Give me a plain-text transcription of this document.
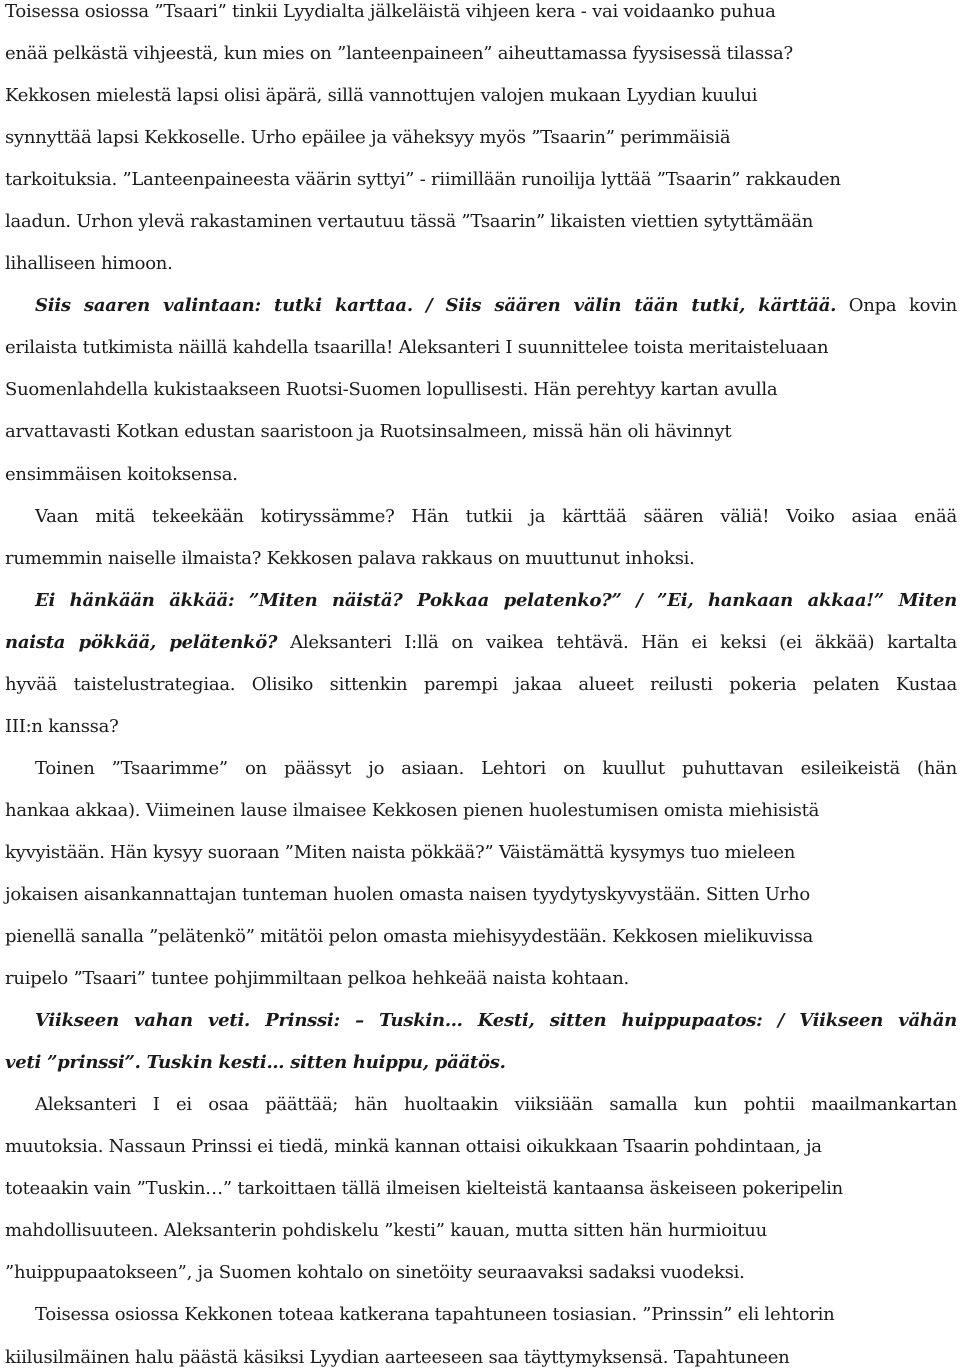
Toisessa osiossa ”Tsaari” tinkii Lyydialta jälkeläistä vihjeen kera - vai voidaanko puhua
enää pelkästä vihjeestä, kun mies on ”lanteenpaineen” aiheuttamassa fyysisessä tilassa?
Kekkosen mielestä lapsi olisi äpärä, sillä vannottujen valojen mukaan Lyydian kuului
synnyttää lapsi Kekkoselle. Urho epäilee ja väheksyy myös ”Tsaarin” perimmäisiä
tarkoituksia. ”Lanteenpaineesta väärin syttyi” - riimillään runoilija lyttää ”Tsaarin” rakkauden
laadun. Urhon ylevä rakastaminen vertautuu tässä ”Tsaarin” likaisten viettien sytyttämään
lihalliseen himoon.

Siis saaren valintaan: tutki karttaa. / Siis säären välin tään tutki, kärttää. Onpa kovin
erilaista tutkimista näillä kahdella tsaarilla! Aleksanteri I suunnittelee toista meritaisteluaan
Suomenlahdella kukistaakseen Ruotsi-Suomen lopullisesti. Hän perehtyy kartan avulla
arvattavasti Kotkan edustan saaristoon ja Ruotsinsalmeen, missä hän oli hävinnyt
ensimmäisen koitoksensa.

Vaan mitä tekeekään kotiryssämme? Hän tutkii ja kärttää säären väliä! Voiko asiaa enää
rumemmin naiselle ilmaista? Kekkosen palava rakkaus on muuttunut inhoksi.

Ei hänkään äkkää: ”Miten näistä? Pokkaa pelatenko?” / ”Ei, hankaan akkaa!” Miten
naista pökkää, pelätenkö? Aleksanteri I:llä on vaikea tehtävä. Hän ei keksi (ei äkkää) kartalta
hyvää taistelustrategiaa. Olisiko sittenkin parempi jakaa alueet reilusti pokeria pelaten Kustaa
III:n kanssa?

Toinen ”Tsaarimme” on päässyt jo asiaan. Lehtori on kuullut puhuttavan esileikeistä (hän
hankaa akkaa). Viimeinen lause ilmaisee Kekkosen pienen huolestumisen omista miehisistä
kyvyistään. Hän kysyy suoraan ”Miten naista pökkää?” Väistämättä kysymys tuo mieleen
jokaisen aisankannattajan tunteman huolen omasta naisen tyydytyskyvystään. Sitten Urho
pienellä sanalla ”pelätenkö” mitätöi pelon omasta miehisyydestään. Kekkosen mielikuvissa
ruipelo ”Tsaari” tuntee pohjimmiltaan pelkoa hehkeää naista kohtaan.

Viikseen vahan veti. Prinssi: – Tuskin… Kesti, sitten huippupaatos: / Viikseen vähän
veti ”prinssi”. Tuskin kesti… sitten huippu, päätös.

Aleksanteri I ei osaa päättää; hän huoltaakin viiksiään samalla kun pohtii maailmankartan
muutoksia. Nassaun Prinssi ei tiedä, minkä kannan ottaisi oikukkaan Tsaarin pohdintaan, ja
toteaakin vain ”Tuskin…” tarkoittaen tällä ilmeisen kielteistä kantaansa äskeiseen pokeripelin
mahdollisuuteen. Aleksanterin pohdiskelu ”kesti” kauan, mutta sitten hän hurmioituu
”huippupaatokseen”, ja Suomen kohtalo on sinetöity seuraavaksi sadaksi vuodeksi.

Toisessa osiossa Kekkonen toteaa katkerana tapahtuneen tosiasian. ”Prinssin” eli lehtorin
kiilusilmäinen halu päästä käsiksi Lyydian aarteeseen saa täyttymyksensä. Tapahtuneen
